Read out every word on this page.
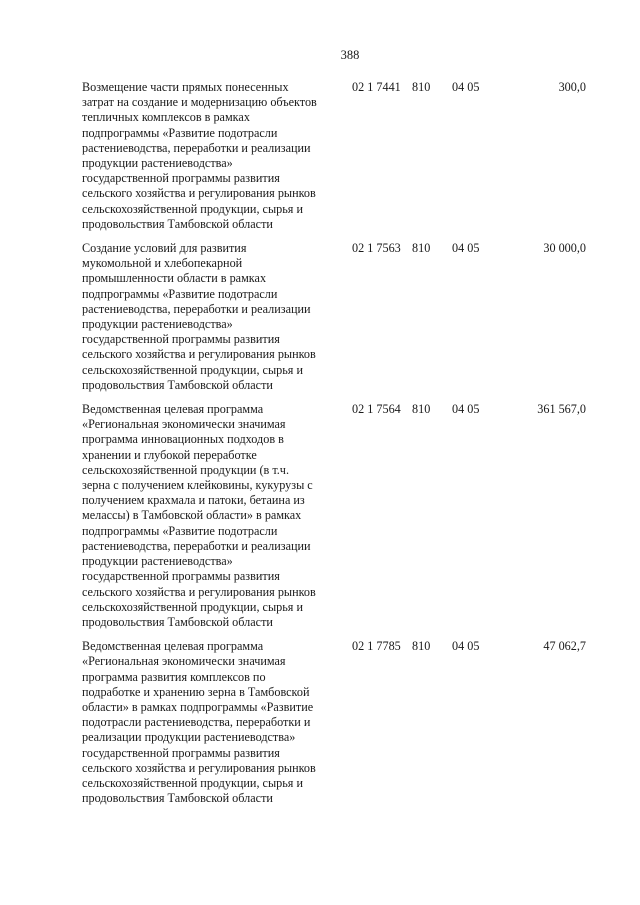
388
Возмещение части прямых понесенных
затрат на создание и модернизацию объектов
тепличных комплексов в рамках
подпрограммы «Развитие подотрасли
растениеводства, переработки и реализации
продукции растениеводства»
государственной программы развития
сельского хозяйства и регулирования рынков
сельскохозяйственной продукции, сырья и
продовольствия Тамбовской области
02 1 7441 810 04 05	300,0
Создание условий для развития
мукомольной и хлебопекарной
промышленности области в рамках
подпрограммы «Развитие подотрасли
растениеводства, переработки и реализации
продукции растениеводства»
государственной программы развития
сельского хозяйства и регулирования рынков
сельскохозяйственной продукции, сырья и
продовольствия Тамбовской области
02 1 7563 810 04 05	30 000,0
Ведомственная целевая программа
«Региональная экономически значимая
программа инновационных подходов в
хранении и глубокой переработке
сельскохозяйственной продукции (в т.ч.
зерна с получением клейковины, кукурузы с
получением крахмала и патоки, бетаина из
мелассы) в Тамбовской области» в рамках
подпрограммы «Развитие подотрасли
растениеводства, переработки и реализации
продукции растениеводства»
государственной программы развития
сельского хозяйства и регулирования рынков
сельскохозяйственной продукции, сырья и
продовольствия Тамбовской области
02 1 7564 810 04 05	361 567,0
Ведомственная целевая программа
«Региональная экономически значимая
программа развития комплексов по
подработке и хранению зерна в Тамбовской
области» в рамках подпрограммы «Развитие
подотрасли растениеводства, переработки и
реализации продукции растениеводства»
государственной программы развития
сельского хозяйства и регулирования рынков
сельскохозяйственной продукции, сырья и
продовольствия Тамбовской области
02 1 7785 810 04 05	47 062,7
